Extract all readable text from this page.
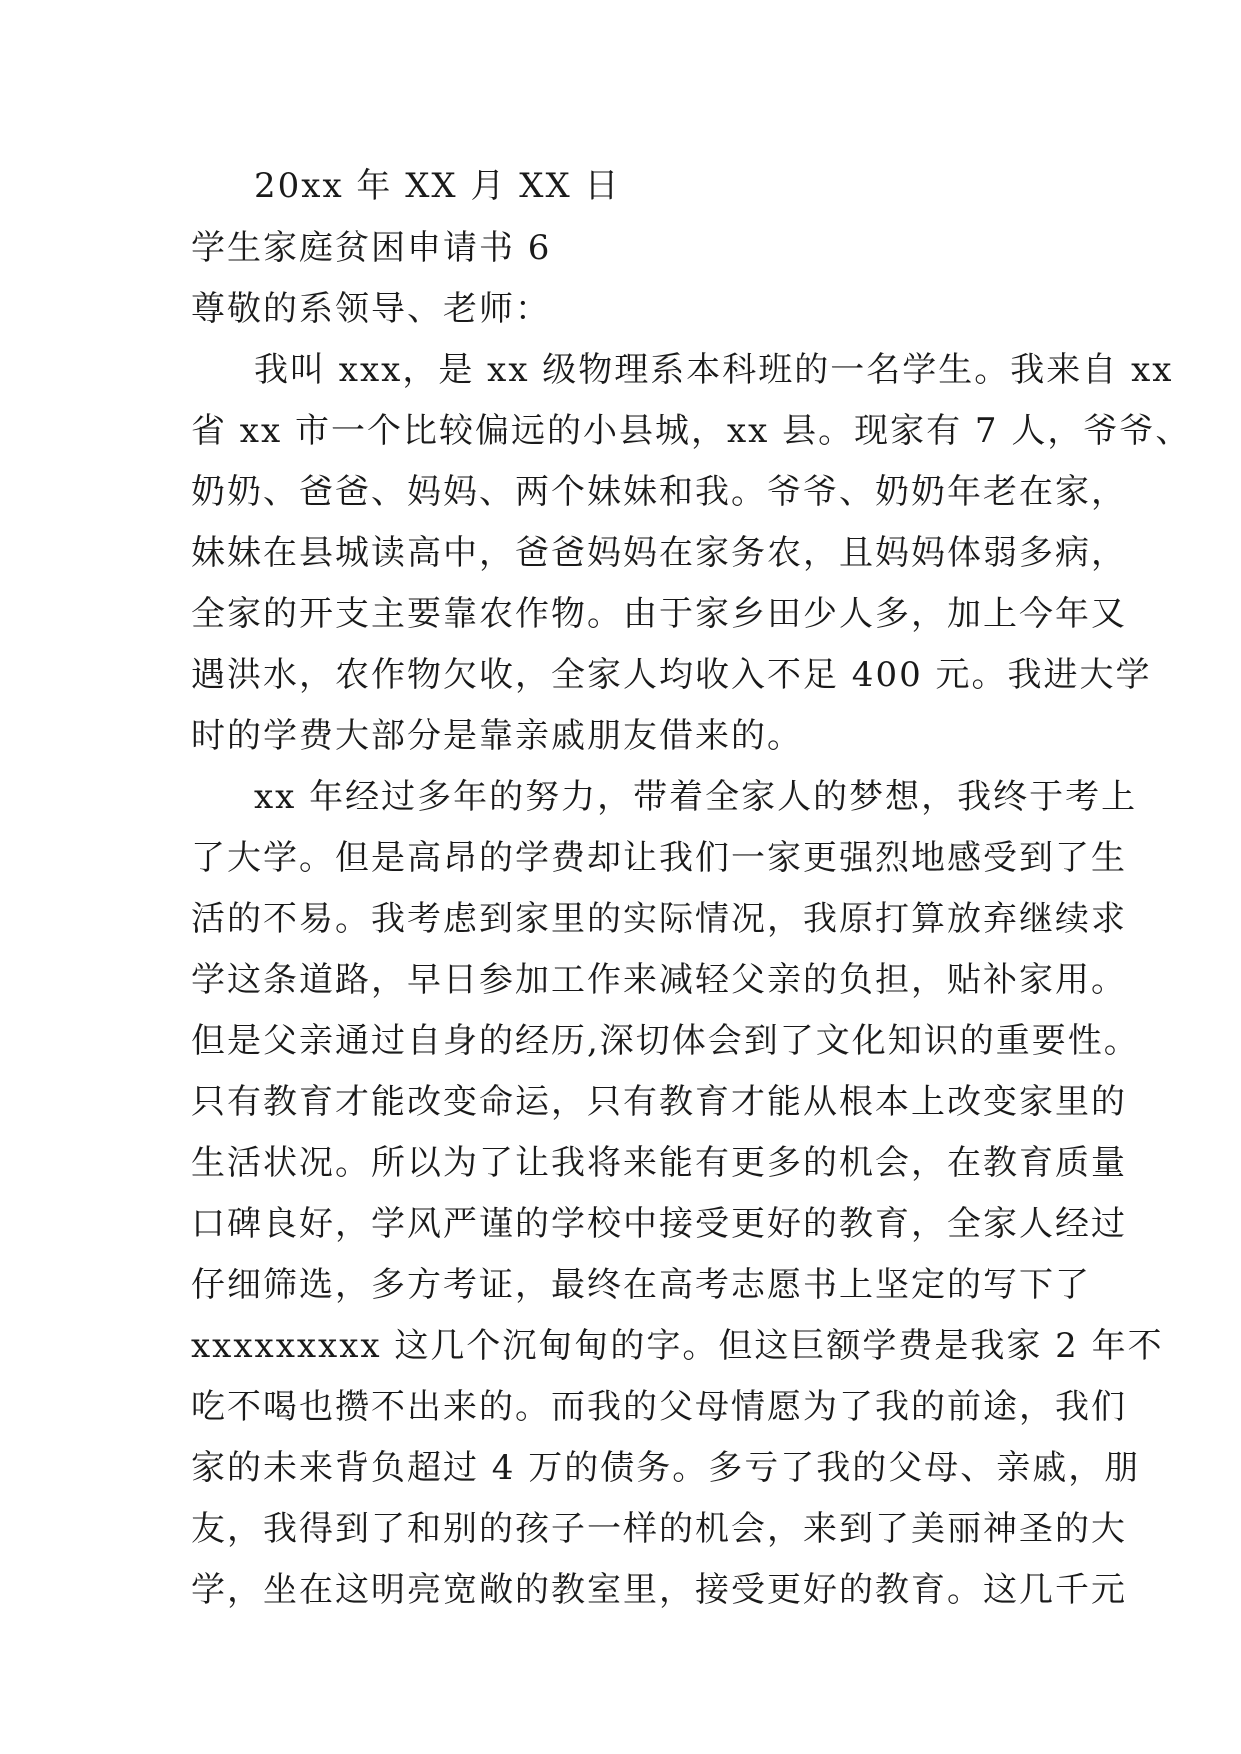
20xx 年 XX 月 XX 日
学生家庭贫困申请书 6
尊敬的系领导、老师：
我叫 xxx，是 xx 级物理系本科班的一名学生。我来自 xx
省 xx 市一个比较偏远的小县城，xx 县。现家有 7 人，爷爷、
奶奶、爸爸、妈妈、两个妹妹和我。爷爷、奶奶年老在家，
妹妹在县城读高中，爸爸妈妈在家务农，且妈妈体弱多病，
全家的开支主要靠农作物。由于家乡田少人多，加上今年又
遇洪水，农作物欠收，全家人均收入不足 400 元。我进大学
时的学费大部分是靠亲戚朋友借来的。
xx 年经过多年的努力，带着全家人的梦想，我终于考上
了大学。但是高昂的学费却让我们一家更强烈地感受到了生
活的不易。我考虑到家里的实际情况，我原打算放弃继续求
学这条道路，早日参加工作来减轻父亲的负担，贴补家用。
但是父亲通过自身的经历,深切体会到了文化知识的重要性。
只有教育才能改变命运，只有教育才能从根本上改变家里的
生活状况。所以为了让我将来能有更多的机会，在教育质量
口碑良好，学风严谨的学校中接受更好的教育，全家人经过
仔细筛选，多方考证，最终在高考志愿书上坚定的写下了
xxxxxxxxx 这几个沉甸甸的字。但这巨额学费是我家 2 年不
吃不喝也攒不出来的。而我的父母情愿为了我的前途，我们
家的未来背负超过 4 万的债务。多亏了我的父母、亲戚，朋
友，我得到了和别的孩子一样的机会，来到了美丽神圣的大
学，坐在这明亮宽敞的教室里，接受更好的教育。这几千元
